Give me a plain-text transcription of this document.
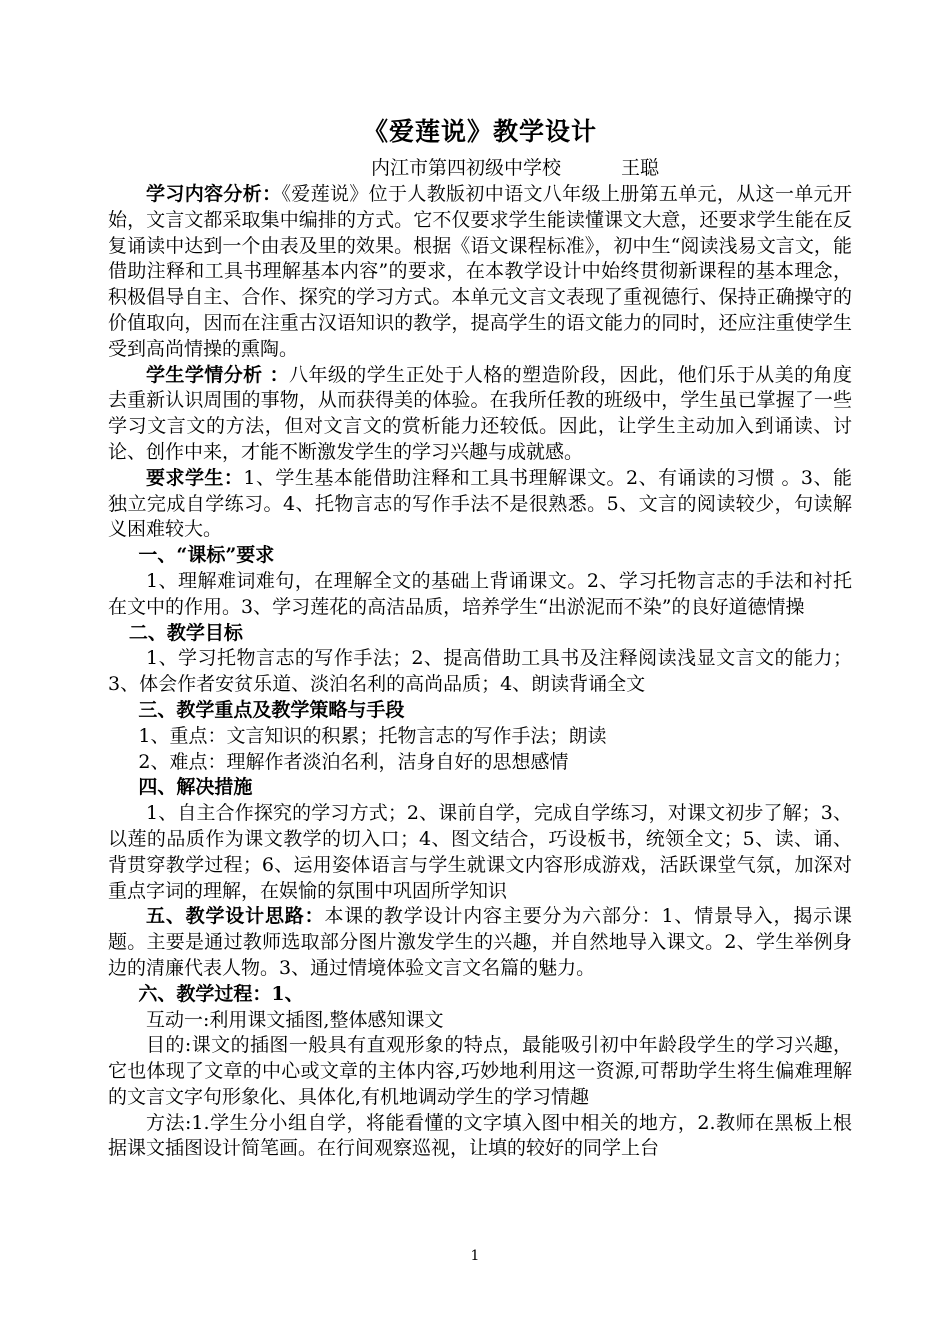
《爱莲说》教学设计
内江市第四初级中学校	王聪

学习内容分析：《爱莲说》位于人教版初中语文八年级上册第五单元，从这一单元开始，文言文都采取集中编排的方式。它不仅要求学生能读懂课文大意，还要求学生能在反复诵读中达到一个由表及里的效果。根据《语文课程标准》，初中生“阅读浅易文言文，能借助注释和工具书理解基本内容”的要求，在本教学设计中始终贯彻新课程的基本理念，积极倡导自主、合作、探究的学习方式。本单元文言文表现了重视德行、保持正确操守的价值取向，因而在注重古汉语知识的教学，提高学生的语文能力的同时，还应注重使学生受到高尚情操的熏陶。

学生学情分析 ：八年级的学生正处于人格的塑造阶段，因此，他们乐于从美的角度去重新认识周围的事物，从而获得美的体验。在我所任教的班级中，学生虽已掌握了一些学习文言文的方法，但对文言文的赏析能力还较低。因此，让学生主动加入到诵读、讨论、创作中来，才能不断激发学生的学习兴趣与成就感。

要求学生：1、学生基本能借助注释和工具书理解课文。2、有诵读的习惯 。3、能独立完成自学练习。4、托物言志的写作手法不是很熟悉。5、文言的阅读较少，句读解义困难较大。

一、“课标”要求

1、理解难词难句，在理解全文的基础上背诵课文。2、学习托物言志的手法和衬托在文中的作用。3、学习莲花的高洁品质，培养学生“出淤泥而不染”的良好道德情操

二、教学目标

1、学习托物言志的写作手法；2、提高借助工具书及注释阅读浅显文言文的能力；3、体会作者安贫乐道、淡泊名利的高尚品质；4、朗读背诵全文

三、教学重点及教学策略与手段

1、重点：文言知识的积累；托物言志的写作手法；朗读

2、难点：理解作者淡泊名利，洁身自好的思想感情

四、解决措施

1、自主合作探究的学习方式；2、课前自学，完成自学练习，对课文初步了解；3、以莲的品质作为课文教学的切入口；4、图文结合，巧设板书，统领全文；5、读、诵、背贯穿教学过程；6、运用姿体语言与学生就课文内容形成游戏，活跃课堂气氛，加深对重点字词的理解，在娱愉的氛围中巩固所学知识

五、教学设计思路：本课的教学设计内容主要分为六部分：1、情景导入，揭示课题。主要是通过教师选取部分图片激发学生的兴趣，并自然地导入课文。2、学生举例身边的清廉代表人物。3、通过情境体验文言文名篇的魅力。

六、教学过程：1、

互动一:利用课文插图,整体感知课文

目的:课文的插图一般具有直观形象的特点，最能吸引初中年龄段学生的学习兴趣，它也体现了文章的中心或文章的主体内容,巧妙地利用这一资源,可帮助学生将生偏难理解的文言文字句形象化、具体化,有机地调动学生的学习情趣

方法:1.学生分小组自学，将能看懂的文字填入图中相关的地方，2.教师在黑板上根据课文插图设计简笔画。在行间观察巡视，让填的较好的同学上台

1
